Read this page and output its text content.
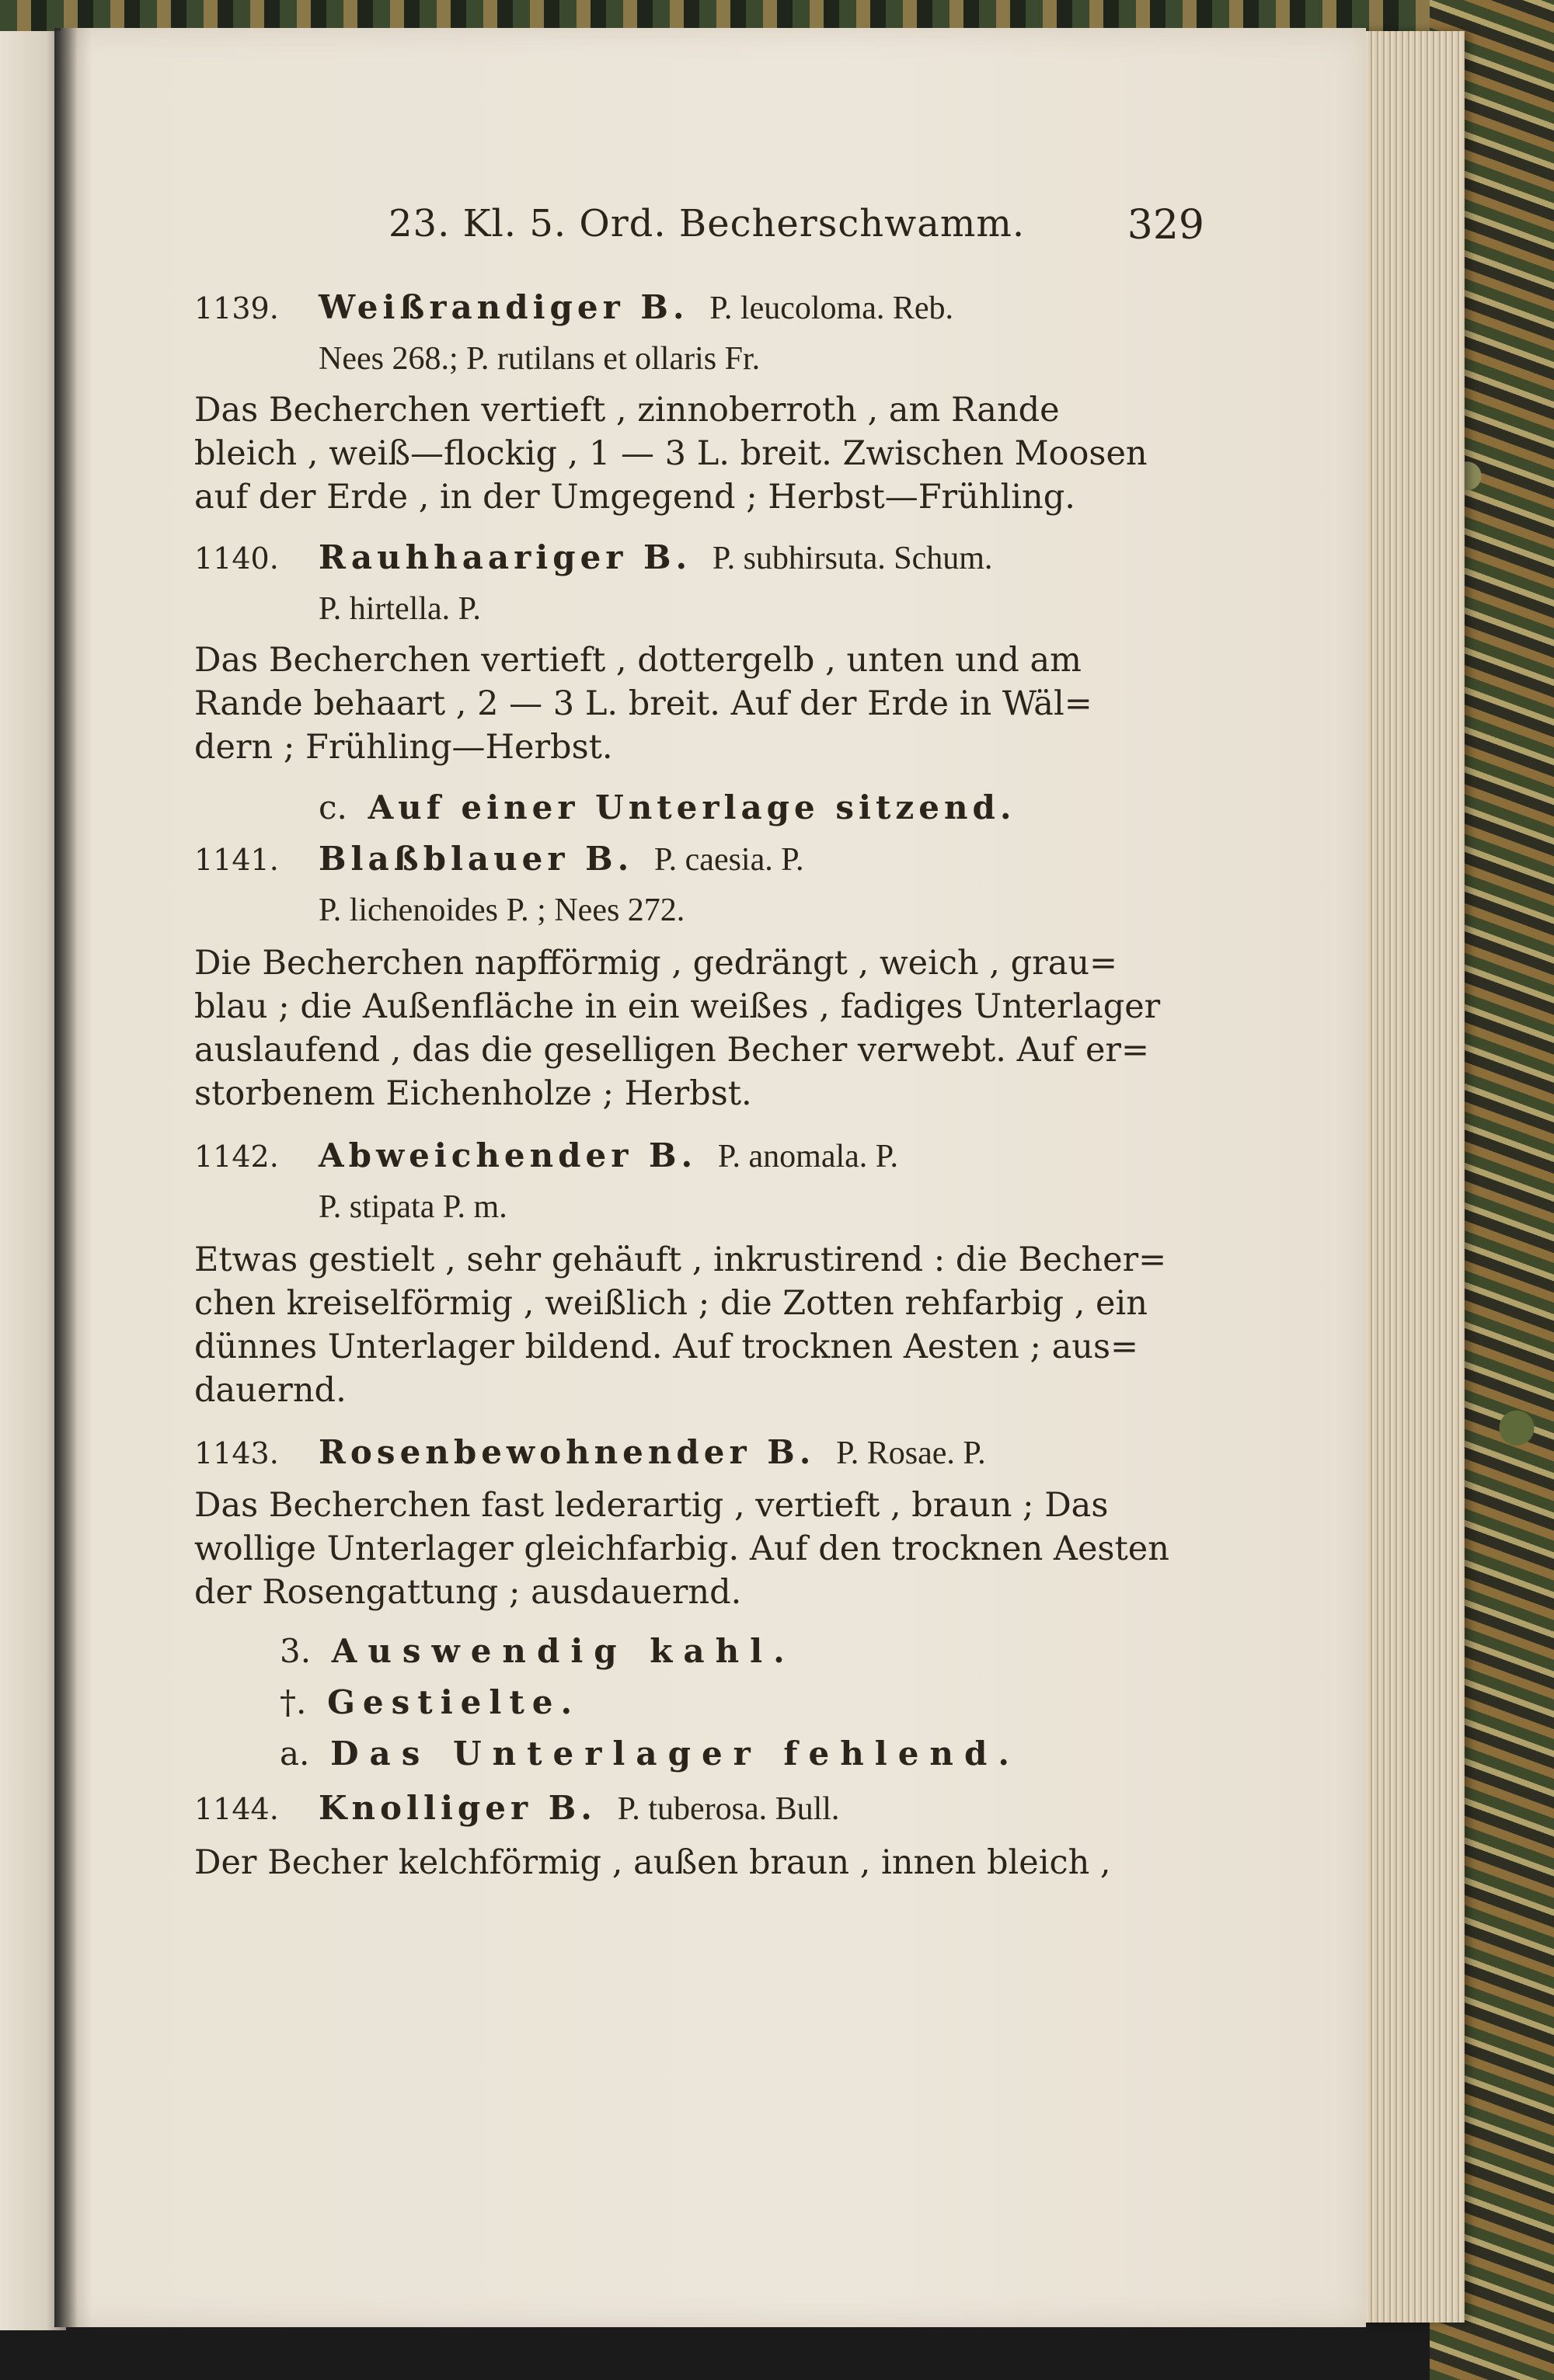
23. Kl. 5. Ord. Becherschwamm.	329
1139. Weißrandiger B. P. leucoloma. Reb.
Nees 268.; P. rutilans et ollaris Fr.
Das Becherchen vertieft , zinnoberroth , am Rande
bleich , weiß—flockig , 1 — 3 L. breit. Zwischen Moosen
auf der Erde , in der Umgegend ; Herbst—Frühling.
1140. Rauhhaariger B. P. subhirsuta. Schum.
P. hirtella. P.
Das Becherchen vertieft , dottergelb , unten und am
Rande behaart , 2 — 3 L. breit. Auf der Erde in Wäl=
dern ; Frühling—Herbst.
c. Auf einer Unterlage sitzend.
1141. Blaßblauer B. P. caesia. P.
P. lichenoides P. ; Nees 272.
Die Becherchen napfförmig , gedrängt , weich , grau=
blau ; die Außenfläche in ein weißes , fadiges Unterlager
auslaufend , das die geselligen Becher verwebt. Auf er=
storbenem Eichenholze ; Herbst.
1142. Abweichender B. P. anomala. P.
P. stipata P. m.
Etwas gestielt , sehr gehäuft , inkrustirend : die Becher=
chen kreiselförmig , weißlich ; die Zotten rehfarbig , ein
dünnes Unterlager bildend. Auf trocknen Aesten ; aus=
dauernd.
1143. Rosenbewohnender B. P. Rosae. P.
Das Becherchen fast lederartig , vertieft , braun ; Das
wollige Unterlager gleichfarbig. Auf den trocknen Aesten
der Rosengattung ; ausdauernd.
3. Auswendig kahl.
†. Gestielte.
a. Das Unterlager fehlend.
1144. Knolliger B. P. tuberosa. Bull.
Der Becher kelchförmig , außen braun , innen bleich ,
